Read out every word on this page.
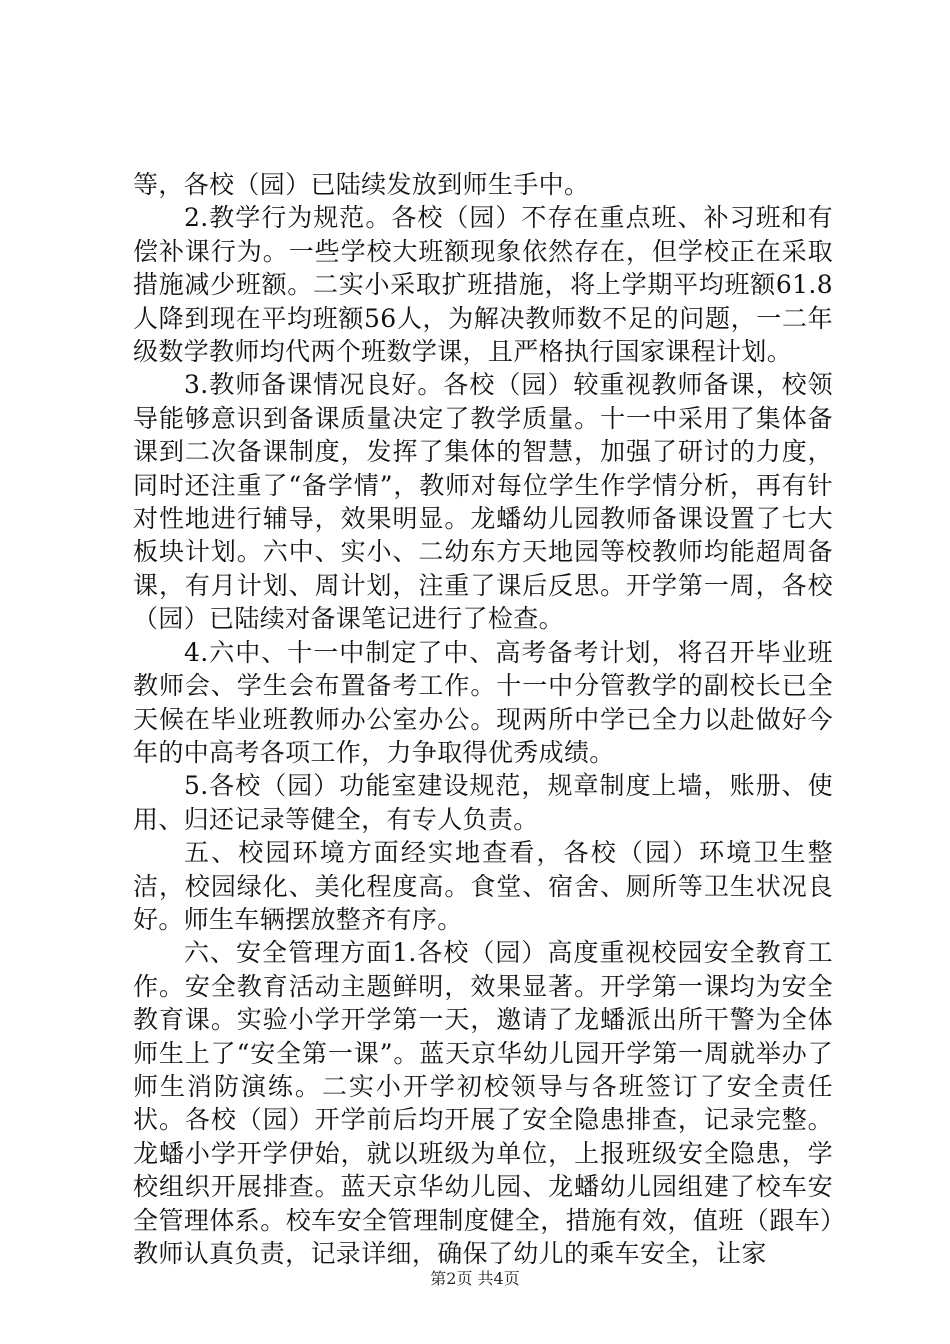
等，各校（园）已陆续发放到师生手中。

2.教学行为规范。各校（园）不存在重点班、补习班和有偿补课行为。一些学校大班额现象依然存在，但学校正在采取措施减少班额。二实小采取扩班措施，将上学期平均班额61.8人降到现在平均班额56人，为解决教师数不足的问题，一二年级数学教师均代两个班数学课，且严格执行国家课程计划。

3.教师备课情况良好。各校（园）较重视教师备课，校领导能够意识到备课质量决定了教学质量。十一中采用了集体备课到二次备课制度，发挥了集体的智慧，加强了研讨的力度，同时还注重了“备学情”，教师对每位学生作学情分析，再有针对性地进行辅导，效果明显。龙蟠幼儿园教师备课设置了七大板块计划。六中、实小、二幼东方天地园等校教师均能超周备课，有月计划、周计划，注重了课后反思。开学第一周，各校（园）已陆续对备课笔记进行了检查。

4.六中、十一中制定了中、高考备考计划，将召开毕业班教师会、学生会布置备考工作。十一中分管教学的副校长已全天候在毕业班教师办公室办公。现两所中学已全力以赴做好今年的中高考各项工作，力争取得优秀成绩。

5.各校（园）功能室建设规范，规章制度上墙，账册、使用、归还记录等健全，有专人负责。

五、校园环境方面经实地查看，各校（园）环境卫生整洁，校园绿化、美化程度高。食堂、宿舍、厕所等卫生状况良好。师生车辆摆放整齐有序。

六、安全管理方面1.各校（园）高度重视校园安全教育工作。安全教育活动主题鲜明，效果显著。开学第一课均为安全教育课。实验小学开学第一天，邀请了龙蟠派出所干警为全体师生上了“安全第一课”。蓝天京华幼儿园开学第一周就举办了师生消防演练。二实小开学初校领导与各班签订了安全责任状。各校（园）开学前后均开展了安全隐患排查，记录完整。龙蟠小学开学伊始，就以班级为单位，上报班级安全隐患，学校组织开展排查。蓝天京华幼儿园、龙蟠幼儿园组建了校车安全管理体系。校车安全管理制度健全，措施有效，值班（跟车）教师认真负责，记录详细，确保了幼儿的乘车安全，让家

第2页 共4页
